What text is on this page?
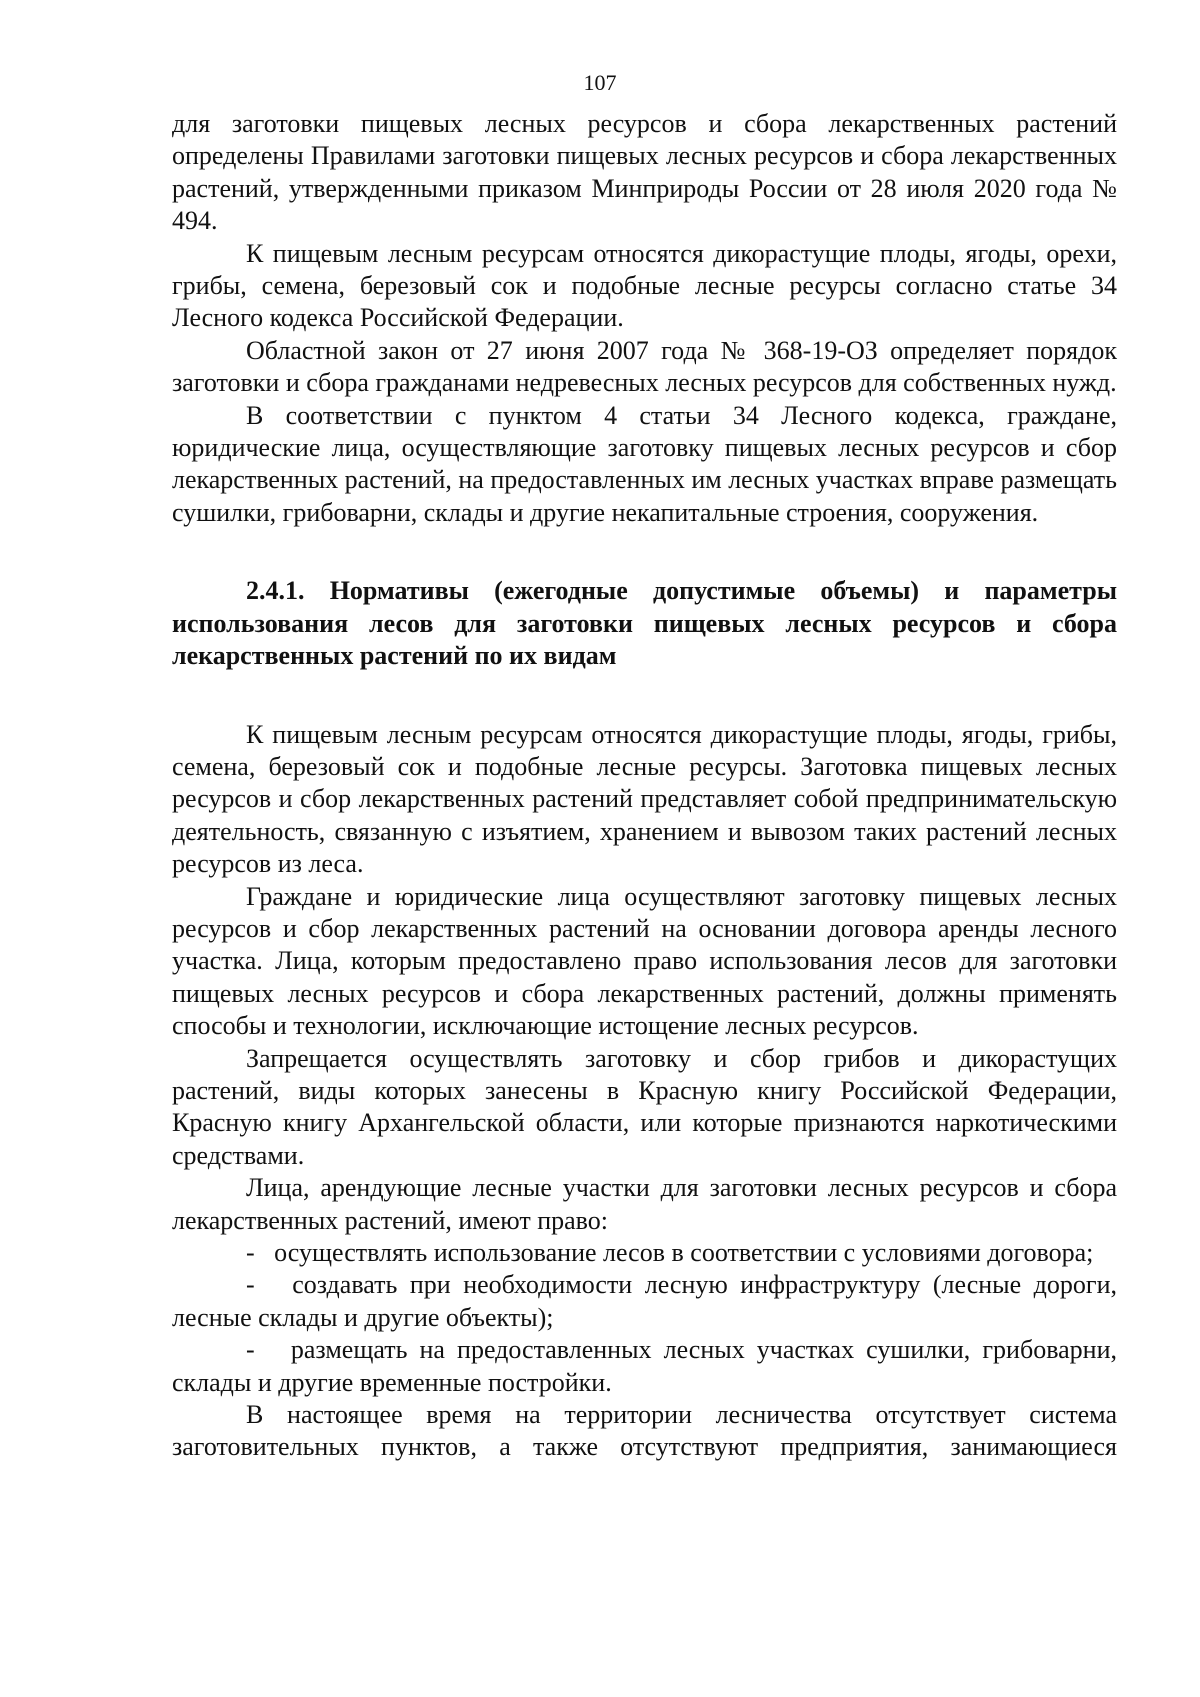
107

для заготовки пищевых лесных ресурсов и сбора лекарственных растений определены Правилами заготовки пищевых лесных ресурсов и сбора лекарственных растений, утвержденными приказом Минприроды России от 28 июля 2020 года № 494.

К пищевым лесным ресурсам относятся дикорастущие плоды, ягоды, орехи, грибы, семена, березовый сок и подобные лесные ресурсы согласно статье 34 Лесного кодекса Российской Федерации.

Областной закон от 27 июня 2007 года № 368-19-ОЗ определяет порядок заготовки и сбора гражданами недревесных лесных ресурсов для собственных нужд.

В соответствии с пунктом 4 статьи 34 Лесного кодекса, граждане, юридические лица, осуществляющие заготовку пищевых лесных ресурсов и сбор лекарственных растений, на предоставленных им лесных участках вправе размещать сушилки, грибоварни, склады и другие некапитальные строения, сооружения.

2.4.1. Нормативы (ежегодные допустимые объемы) и параметры использования лесов для заготовки пищевых лесных ресурсов и сбора лекарственных растений по их видам

К пищевым лесным ресурсам относятся дикорастущие плоды, ягоды, грибы, семена, березовый сок и подобные лесные ресурсы. Заготовка пищевых лесных ресурсов и сбор лекарственных растений представляет собой предпринимательскую деятельность, связанную с изъятием, хранением и вывозом таких растений лесных ресурсов из леса.

Граждане и юридические лица осуществляют заготовку пищевых лесных ресурсов и сбор лекарственных растений на основании договора аренды лесного участка. Лица, которым предоставлено право использования лесов для заготовки пищевых лесных ресурсов и сбора лекарственных растений, должны применять способы и технологии, исключающие истощение лесных ресурсов.

Запрещается осуществлять заготовку и сбор грибов и дикорастущих растений, виды которых занесены в Красную книгу Российской Федерации, Красную книгу Архангельской области, или которые признаются наркотическими средствами.

Лица, арендующие лесные участки для заготовки лесных ресурсов и сбора лекарственных растений, имеют право:

-   осуществлять использование лесов в соответствии с условиями договора;

-   создавать при необходимости лесную инфраструктуру (лесные дороги, лесные склады и другие объекты);

-   размещать на предоставленных лесных участках сушилки, грибоварни, склады и другие временные постройки.

В настоящее время на территории лесничества отсутствует система заготовительных пунктов, а также отсутствуют предприятия, занимающиеся
